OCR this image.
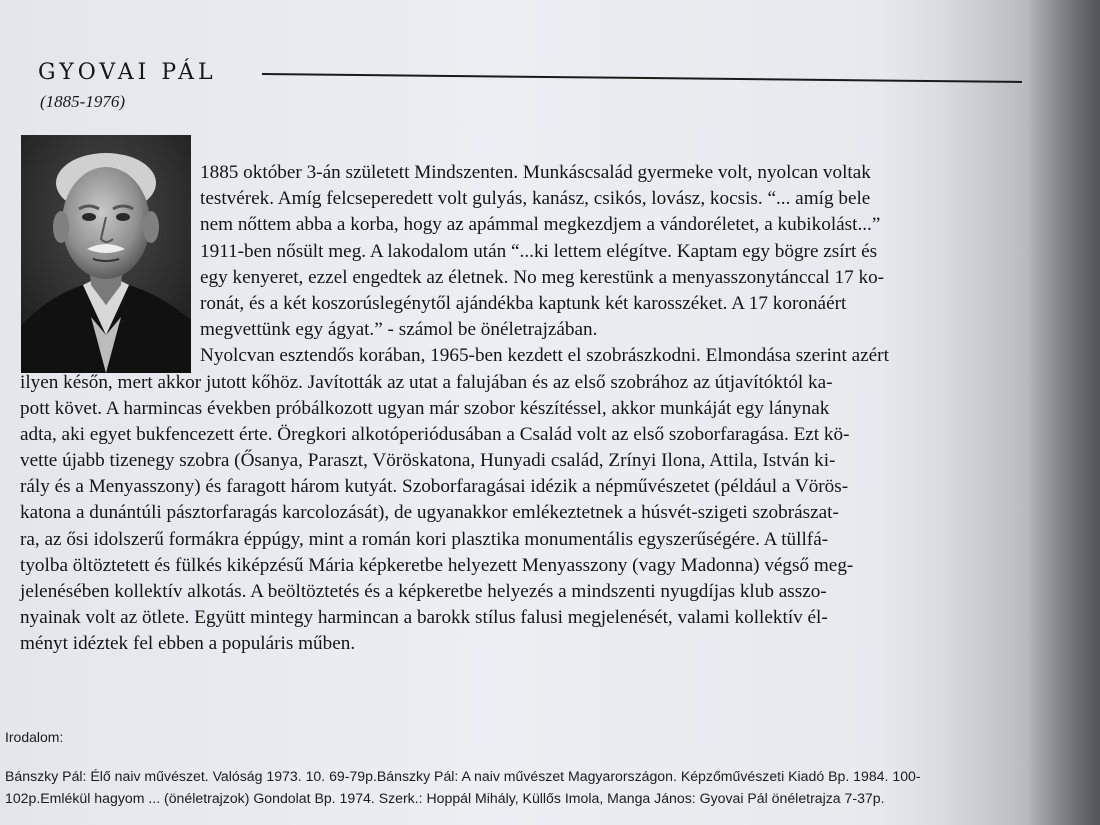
GYOVAI PÁL
(1885-1976)
1885 október 3-án született Mindszenten. Munkáscsalád gyermeke volt, nyolcan voltak
testvérek. Amíg felcseperedett volt gulyás, kanász, csikós, lovász, kocsis. “... amíg bele
nem nőttem abba a korba, hogy az apámmal megkezdjem a vándoréletet, a kubikolást...”
1911-ben nősült meg. A lakodalom után “...ki lettem elégítve. Kaptam egy bögre zsírt és
egy kenyeret, ezzel engedtek az életnek. No meg kerestünk a menyasszonytánccal 17 ko-
ronát, és a két koszorúslegénytől ajándékba kaptunk két karosszéket. A 17 koronáért
megvettünk egy ágyat.” - számol be önéletrajzában.
Nyolcvan esztendős korában, 1965-ben kezdett el szobrászkodni. Elmondása szerint azért
ilyen későn, mert akkor jutott kőhöz. Javították az utat a falujában és az első szobrához az útjavítóktól ka-
pott követ. A harmincas években próbálkozott ugyan már szobor készítéssel, akkor munkáját egy lánynak
adta, aki egyet bukfencezett érte. Öregkori alkotóperiódusában a Család volt az első szoborfaragása. Ezt kö-
vette újabb tizenegy szobra (Ősanya, Paraszt, Vöröskatona, Hunyadi család, Zrínyi Ilona, Attila, István ki-
rály és a Menyasszony) és faragott három kutyát. Szoborfaragásai idézik a népművészetet (például a Vörös-
katona a dunántúli pásztorfaragás karcolozását), de ugyanakkor emlékeztetnek a húsvét-szigeti szobrászat-
ra, az ősi idolszerű formákra éppúgy, mint a román kori plasztika monumentális egyszerűségére. A tüllfá-
tyolba öltöztetett és fülkés kiképzésű Mária képkeretbe helyezett Menyasszony (vagy Madonna) végső meg-
jelenésében kollektív alkotás. A beöltöztetés és a képkeretbe helyezés a mindszenti nyugdíjas klub asszo-
nyainak volt az ötlete. Együtt mintegy harmincan a barokk stílus falusi megjelenését, valami kollektív él-
ményt idéztek fel ebben a populáris műben.
Irodalom:
Bánszky Pál: Élő naiv művészet. Valóság 1973. 10. 69-79p.Bánszky Pál: A naiv művészet Magyarországon. Képzőművészeti Kiadó Bp. 1984. 100-
102p.Emlékül hagyom ... (önéletrajzok) Gondolat Bp. 1974. Szerk.: Hoppál Mihály, Küllős Imola, Manga János: Gyovai Pál önéletrajza 7-37p.
